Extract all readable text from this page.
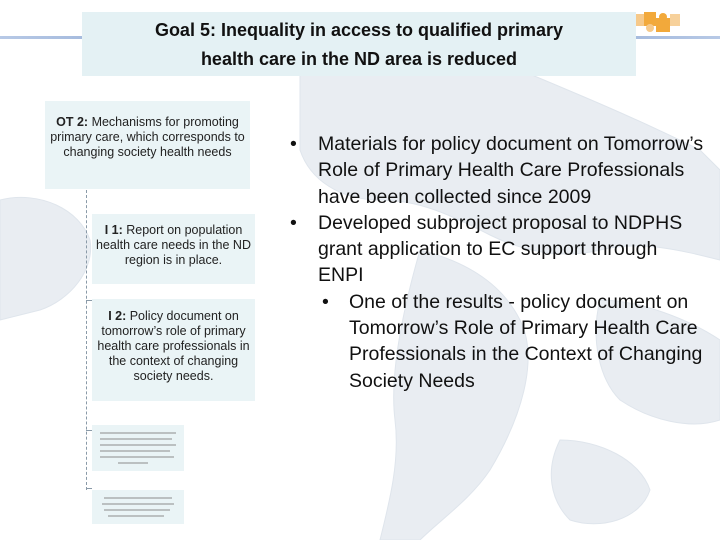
Goal 5: Inequality in access to qualified primary
health care in the ND area is reduced
OT 2: Mechanisms for promoting primary care, which corresponds to changing society health needs
I 1: Report on population health care needs in the ND region is in place.
I 2: Policy document on tomorrow’s role of primary health care professionals in the context of changing society needs.
• Materials for policy document on Tomorrow’s Role of Primary Health Care Professionals have been collected since 2009
• Developed subproject proposal to NDPHS grant application to EC support through ENPI
• One of the results - policy document on Tomorrow’s Role of Primary Health Care Professionals in the Context of Changing Society Needs
